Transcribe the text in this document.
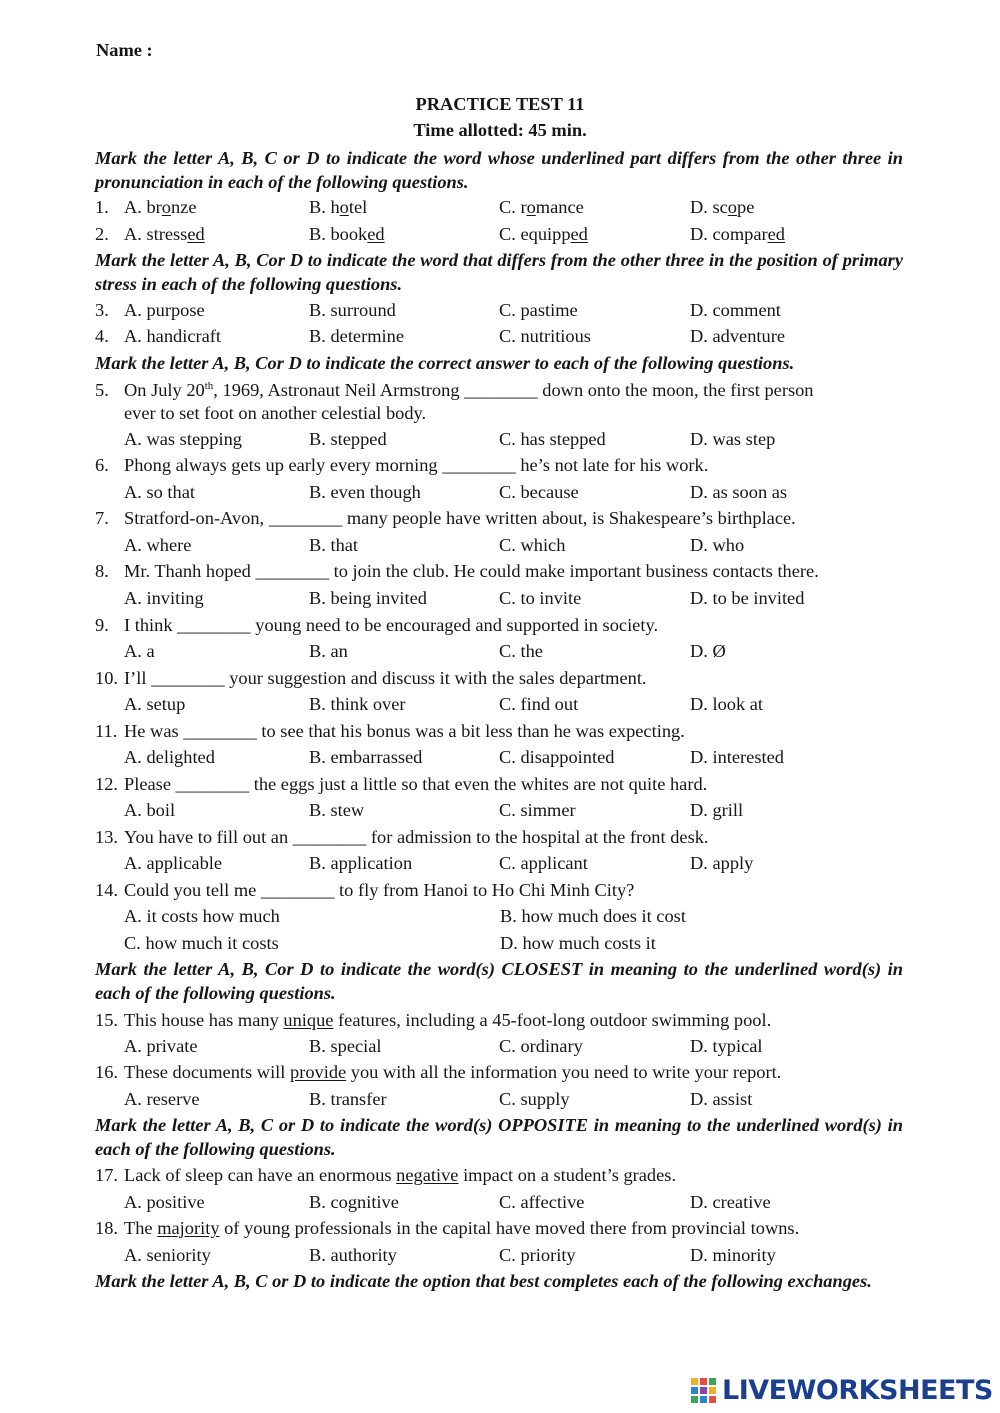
Name :
PRACTICE TEST 11
Time allotted: 45 min.
Mark the letter A, B, C or D to indicate the word whose underlined part differs from the other three in pronunciation in each of the following questions.
1. A. bronze	B. hotel	C. romance	D. scope
2. A. stressed	B. booked	C. equipped	D. compared
Mark the letter A, B, Cor D to indicate the word that differs from the other three in the position of primary stress in each of the following questions.
3. A. purpose	B. surround	C. pastime	D. comment
4. A. handicraft	B. determine	C. nutritious	D. adventure
Mark the letter A, B, Cor D to indicate the correct answer to each of the following questions.
5. On July 20th, 1969, Astronaut Neil Armstrong ________ down onto the moon, the first person
ever to set foot on another celestial body.
A. was stepping	B. stepped	C. has stepped	D. was step
6. Phong always gets up early every morning ________ he’s not late for his work.
A. so that	B. even though	C. because	D. as soon as
7. Stratford-on-Avon, ________ many people have written about, is Shakespeare’s birthplace.
A. where	B. that	C. which	D. who
8. Mr. Thanh hoped ________ to join the club. He could make important business contacts there.
A. inviting	B. being invited	C. to invite	D. to be invited
9. I think ________ young need to be encouraged and supported in society.
A. a	B. an	C. the	D. Ø
10. I’ll ________ your suggestion and discuss it with the sales department.
A. setup	B. think over	C. find out	D. look at
11. He was ________ to see that his bonus was a bit less than he was expecting.
A. delighted	B. embarrassed	C. disappointed	D. interested
12. Please ________ the eggs just a little so that even the whites are not quite hard.
A. boil	B. stew	C. simmer	D. grill
13. You have to fill out an ________ for admission to the hospital at the front desk.
A. applicable	B. application	C. applicant	D. apply
14. Could you tell me ________ to fly from Hanoi to Ho Chi Minh City?
A. it costs how much	B. how much does it cost
C. how much it costs	D. how much costs it
Mark the letter A, B, Cor D to indicate the word(s) CLOSEST in meaning to the underlined word(s) in each of the following questions.
15. This house has many unique features, including a 45-foot-long outdoor swimming pool.
A. private	B. special	C. ordinary	D. typical
16. These documents will provide you with all the information you need to write your report.
A. reserve	B. transfer	C. supply	D. assist
Mark the letter A, B, C or D to indicate the word(s) OPPOSITE in meaning to the underlined word(s) in each of the following questions.
17. Lack of sleep can have an enormous negative impact on a student’s grades.
A. positive	B. cognitive	C. affective	D. creative
18. The majority of young professionals in the capital have moved there from provincial towns.
A. seniority	B. authority	C. priority	D. minority
Mark the letter A, B, C or D to indicate the option that best completes each of the following exchanges.
LIVEWORKSHEETS
